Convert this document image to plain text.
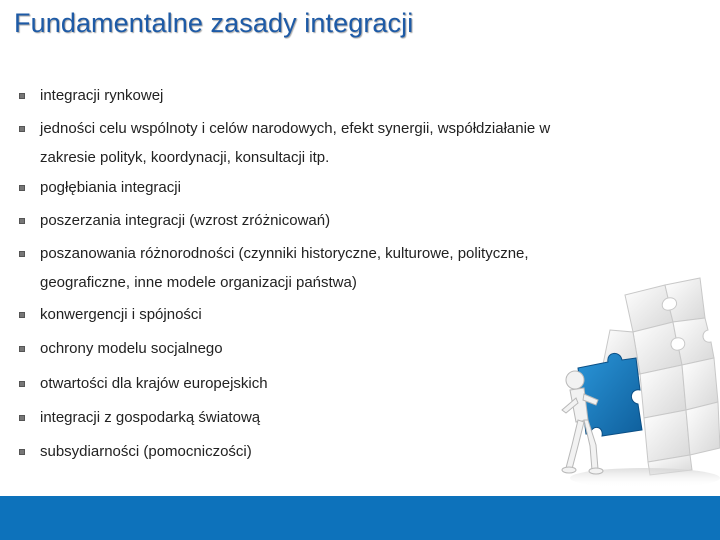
Fundamentalne zasady integracji
integracji rynkowej
jedności celu wspólnoty i celów narodowych, efekt synergii, współdziałanie w zakresie polityk, koordynacji, konsultacji itp.
pogłębiania integracji
poszerzania integracji (wzrost zróżnicowań)
poszanowania różnorodności (czynniki historyczne, kulturowe, polityczne, geograficzne, inne modele organizacji państwa)
konwergencji i spójności
ochrony modelu socjalnego
otwartości dla krajów europejskich
integracji z gospodarką światową
subsydiarności (pomocniczości)
